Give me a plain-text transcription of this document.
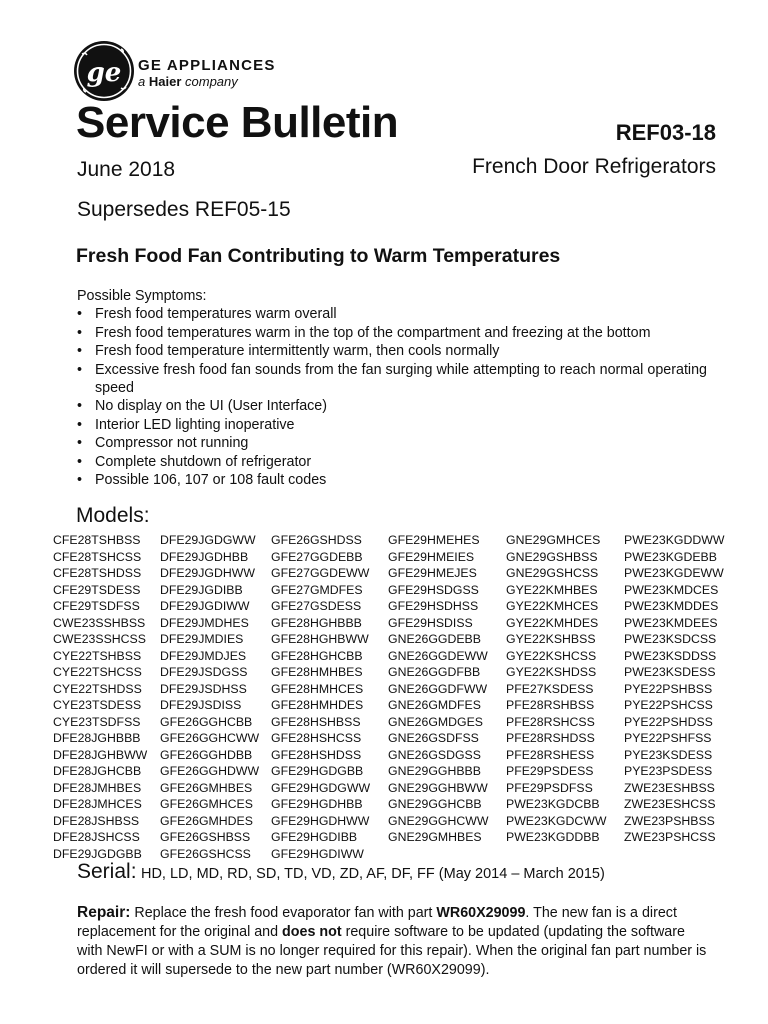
ge GE APPLIANCES
a Haier company
Service Bulletin	REF03-18
June 2018	French Door Refrigerators
Supersedes REF05-15
Fresh Food Fan Contributing to Warm Temperatures
Possible Symptoms:
• Fresh food temperatures warm overall
• Fresh food temperatures warm in the top of the compartment and freezing at the bottom
• Fresh food temperature intermittently warm, then cools normally
• Excessive fresh food fan sounds from the fan surging while attempting to reach normal operating speed
• No display on the UI (User Interface)
• Interior LED lighting inoperative
• Compressor not running
• Complete shutdown of refrigerator
• Possible 106, 107 or 108 fault codes
Models:
CFE28TSHBSS
CFE28TSHCSS
CFE28TSHDSS
CFE29TSDESS
CFE29TSDFSS
CWE23SSHBSS
CWE23SSHCSS
CYE22TSHBSS
CYE22TSHCSS
CYE22TSHDSS
CYE23TSDESS
CYE23TSDFSS
DFE28JGHBBB
DFE28JGHBWW
DFE28JGHCBB
DFE28JMHBES
DFE28JMHCES
DFE28JSHBSS
DFE28JSHCSS
DFE29JGDGBB
DFE29JGDGWW
DFE29JGDHBB
DFE29JGDHWW
DFE29JGDIBB
DFE29JGDIWW
DFE29JMDHES
DFE29JMDIES
DFE29JMDJES
DFE29JSDGSS
DFE29JSDHSS
DFE29JSDISS
GFE26GGHCBB
GFE26GGHCWW
GFE26GGHDBB
GFE26GGHDWW
GFE26GMHBES
GFE26GMHCES
GFE26GMHDES
GFE26GSHBSS
GFE26GSHCSS
GFE26GSHDSS
GFE27GGDEBB
GFE27GGDEWW
GFE27GMDFES
GFE27GSDESS
GFE28HGHBBB
GFE28HGHBWW
GFE28HGHCBB
GFE28HMHBES
GFE28HMHCES
GFE28HMHDES
GFE28HSHBSS
GFE28HSHCSS
GFE28HSHDSS
GFE29HGDGBB
GFE29HGDGWW
GFE29HGDHBB
GFE29HGDHWW
GFE29HGDIBB
GFE29HGDIWW
GFE29HMEHES
GFE29HMEIES
GFE29HMEJES
GFE29HSDGSS
GFE29HSDHSS
GFE29HSDISS
GNE26GGDEBB
GNE26GGDEWW
GNE26GGDFBB
GNE26GGDFWW
GNE26GMDFES
GNE26GMDGES
GNE26GSDFSS
GNE26GSDGSS
GNE29GGHBBB
GNE29GGHBWW
GNE29GGHCBB
GNE29GGHCWW
GNE29GMHBES
GNE29GMHCES
GNE29GSHBSS
GNE29GSHCSS
GYE22KMHBES
GYE22KMHCES
GYE22KMHDES
GYE22KSHBSS
GYE22KSHCSS
GYE22KSHDSS
PFE27KSDESS
PFE28RSHBSS
PFE28RSHCSS
PFE28RSHDSS
PFE28RSHESS
PFE29PSDESS
PFE29PSDFSS
PWE23KGDCBB
PWE23KGDCWW
PWE23KGDDBB
PWE23KGDDWW
PWE23KGDEBB
PWE23KGDEWW
PWE23KMDCES
PWE23KMDDES
PWE23KMDEES
PWE23KSDCSS
PWE23KSDDSS
PWE23KSDESS
PYE22PSHBSS
PYE22PSHCSS
PYE22PSHDSS
PYE22PSHFSS
PYE23KSDESS
PYE23PSDESS
ZWE23ESHBSS
ZWE23ESHCSS
ZWE23PSHBSS
ZWE23PSHCSS
Serial: HD, LD, MD, RD, SD, TD, VD, ZD, AF, DF, FF (May 2014 – March 2015)
Repair: Replace the fresh food evaporator fan with part WR60X29099. The new fan is a direct replacement for the original and does not require software to be updated (updating the software with NewFI or with a SUM is no longer required for this repair). When the original fan part number is ordered it will supersede to the new part number (WR60X29099).
